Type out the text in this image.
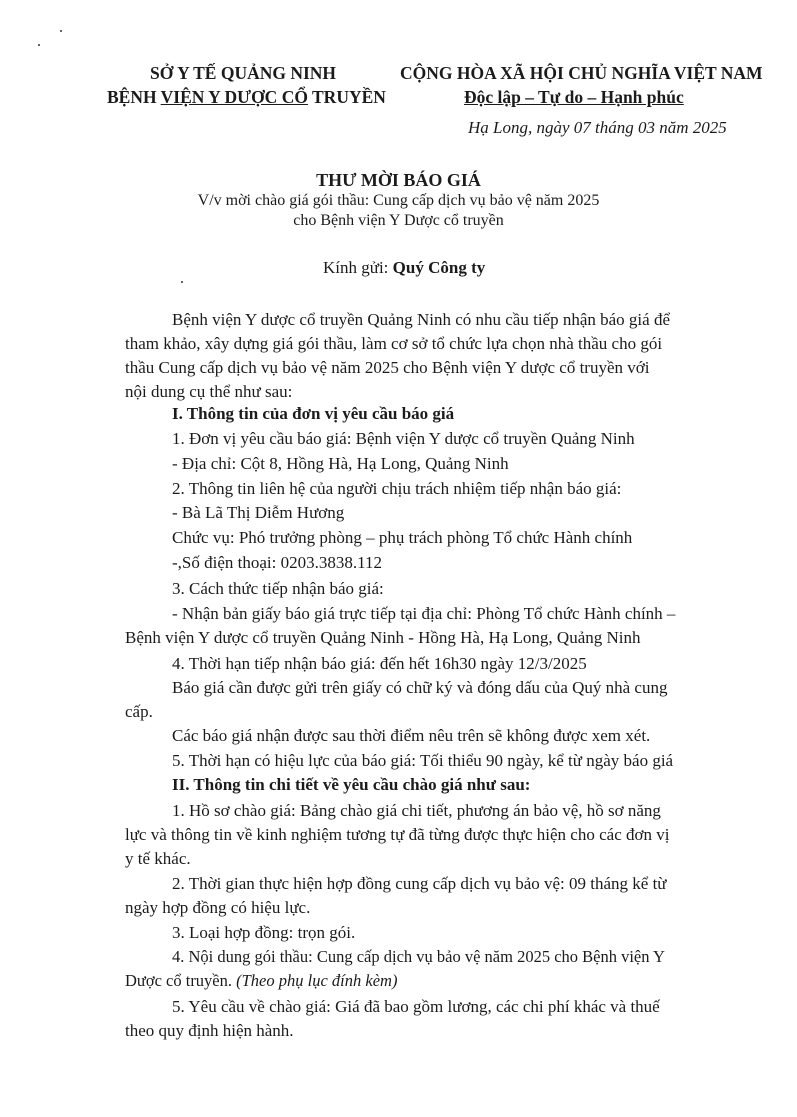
SỞ Y TẾ QUẢNG NINH
BỆNH VIỆN Y DƯỢC CỔ TRUYỀN
CỘNG HÒA XÃ HỘI CHỦ NGHĨA VIỆT NAM
Độc lập – Tự do – Hạnh phúc
Hạ Long, ngày 07 tháng 03 năm 2025
THƯ MỜI BÁO GIÁ
V/v mời chào giá gói thầu: Cung cấp dịch vụ bảo vệ năm 2025
cho Bệnh viện Y Dược cổ truyền
Kính gửi: Quý Công ty
Bệnh viện Y dược cổ truyền Quảng Ninh có nhu cầu tiếp nhận báo giá để
tham khảo, xây dựng giá gói thầu, làm cơ sở tổ chức lựa chọn nhà thầu cho gói
thầu Cung cấp dịch vụ bảo vệ năm 2025 cho Bệnh viện Y dược cổ truyền với
nội dung cụ thể như sau:
I. Thông tin của đơn vị yêu cầu báo giá
1. Đơn vị yêu cầu báo giá: Bệnh viện Y dược cổ truyền Quảng Ninh
- Địa chỉ: Cột 8, Hồng Hà, Hạ Long, Quảng Ninh
2. Thông tin liên hệ của người chịu trách nhiệm tiếp nhận báo giá:
- Bà Lã Thị Diễm Hương
Chức vụ: Phó trưởng phòng – phụ trách phòng Tổ chức Hành chính
-,Số điện thoại: 0203.3838.112
3. Cách thức tiếp nhận báo giá:
- Nhận bản giấy báo giá trực tiếp tại địa chỉ: Phòng Tổ chức Hành chính –
Bệnh viện Y dược cổ truyền Quảng Ninh - Hồng Hà, Hạ Long, Quảng Ninh
4. Thời hạn tiếp nhận báo giá: đến hết 16h30 ngày 12/3/2025
Báo giá cần được gửi trên giấy có chữ ký và đóng dấu của Quý nhà cung
cấp.
Các báo giá nhận được sau thời điểm nêu trên sẽ không được xem xét.
5. Thời hạn có hiệu lực của báo giá: Tối thiểu 90 ngày, kể từ ngày báo giá
II. Thông tin chi tiết về yêu cầu chào giá như sau:
1. Hồ sơ chào giá: Bảng chào giá chi tiết, phương án bảo vệ, hồ sơ năng
lực và thông tin về kinh nghiệm tương tự đã từng được thực hiện cho các đơn vị
y tế khác.
2. Thời gian thực hiện hợp đồng cung cấp dịch vụ bảo vệ: 09 tháng kể từ
ngày hợp đồng có hiệu lực.
3. Loại hợp đồng: trọn gói.
4. Nội dung gói thầu: Cung cấp dịch vụ bảo vệ năm 2025 cho Bệnh viện Y
Dược cổ truyền. (Theo phụ lục đính kèm)
5. Yêu cầu về chào giá: Giá đã bao gồm lương, các chi phí khác và thuế
theo quy định hiện hành.
